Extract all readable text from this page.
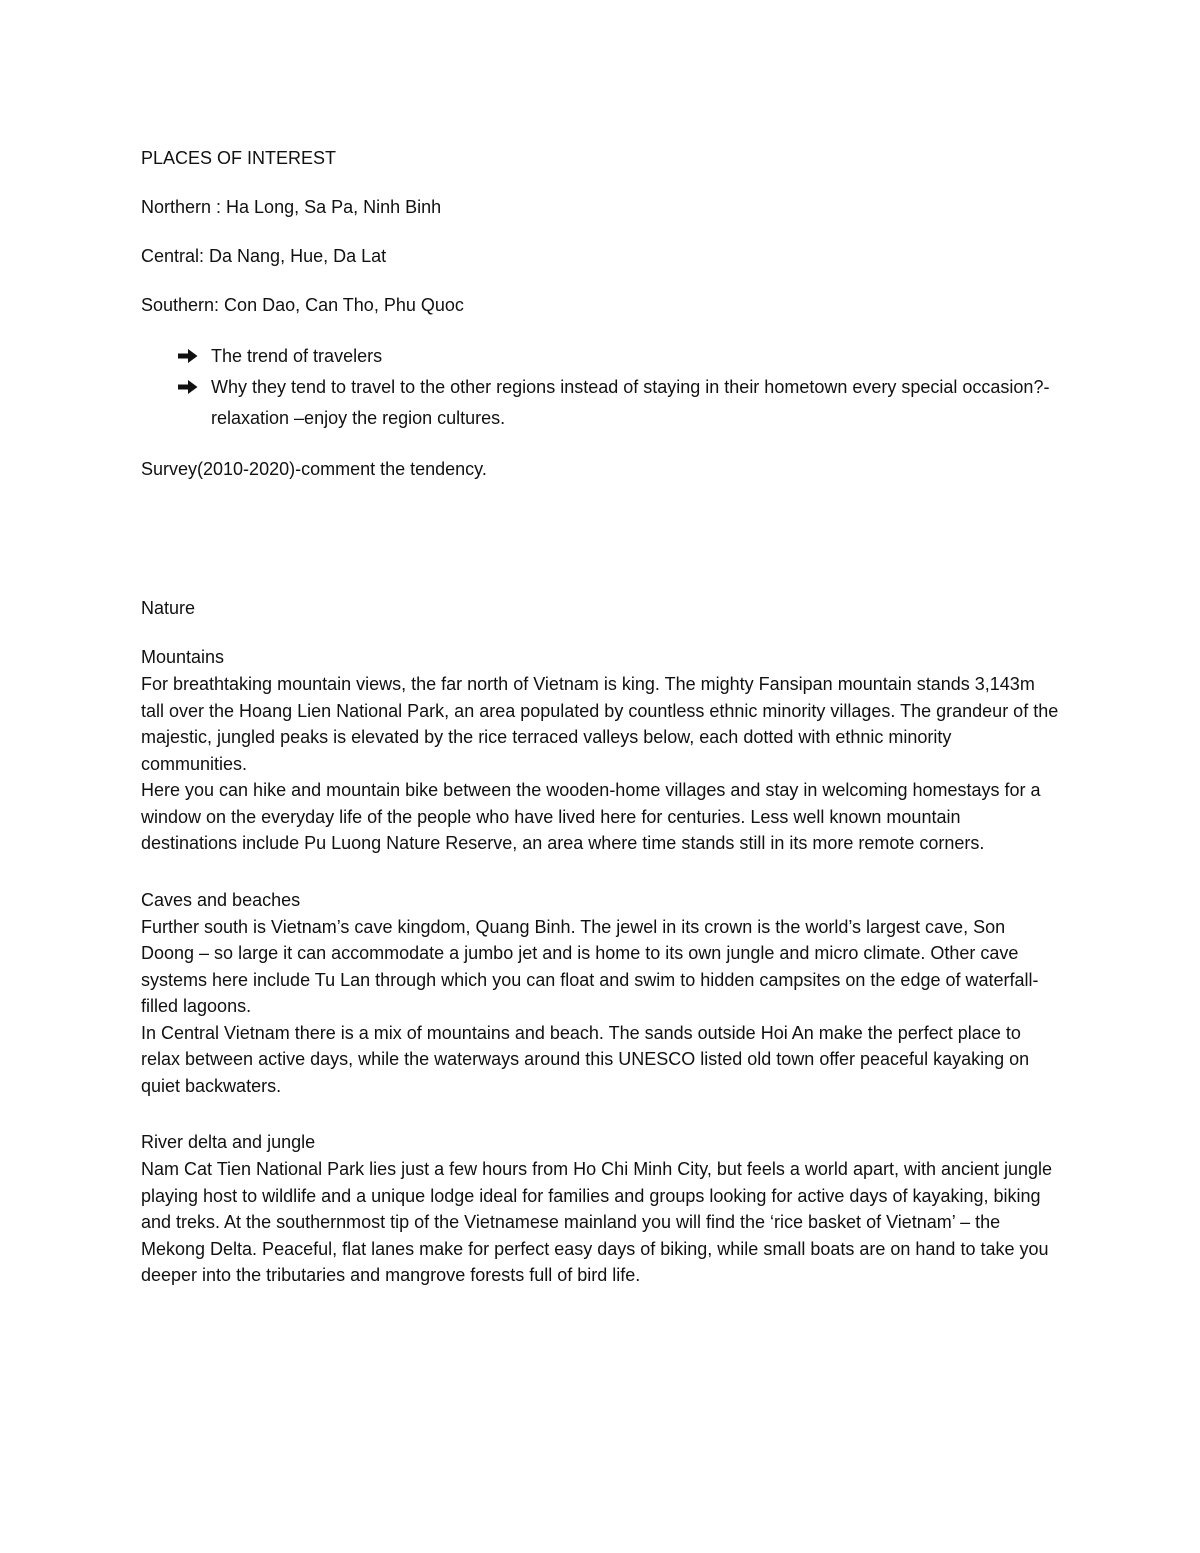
PLACES OF INTEREST

Northern : Ha Long, Sa Pa, Ninh Binh

Central: Da Nang, Hue, Da Lat

Southern: Con Dao, Can Tho, Phu Quoc

The trend of travelers
Why they tend to travel to the other regions instead of staying in their hometown every special occasion?- relaxation –enjoy the region cultures.

Survey(2010-2020)-comment the tendency.

Nature

Mountains

For breathtaking mountain views, the far north of Vietnam is king. The mighty Fansipan mountain stands 3,143m tall over the Hoang Lien National Park, an area populated by countless ethnic minority villages. The grandeur of the majestic, jungled peaks is elevated by the rice terraced valleys below, each dotted with ethnic minority communities.

Here you can hike and mountain bike between the wooden-home villages and stay in welcoming homestays for a window on the everyday life of the people who have lived here for centuries. Less well known mountain destinations include Pu Luong Nature Reserve, an area where time stands still in its more remote corners.

Caves and beaches

Further south is Vietnam’s cave kingdom, Quang Binh. The jewel in its crown is the world’s largest cave, Son Doong – so large it can accommodate a jumbo jet and is home to its own jungle and micro climate. Other cave systems here include Tu Lan through which you can float and swim to hidden campsites on the edge of waterfall-filled lagoons.

In Central Vietnam there is a mix of mountains and beach. The sands outside Hoi An make the perfect place to relax between active days, while the waterways around this UNESCO listed old town offer peaceful kayaking on quiet backwaters.

River delta and jungle

Nam Cat Tien National Park lies just a few hours from Ho Chi Minh City, but feels a world apart, with ancient jungle playing host to wildlife and a unique lodge ideal for families and groups looking for active days of kayaking, biking and treks. At the southernmost tip of the Vietnamese mainland you will find the ‘rice basket of Vietnam’ – the Mekong Delta. Peaceful, flat lanes make for perfect easy days of biking, while small boats are on hand to take you deeper into the tributaries and mangrove forests full of bird life.
